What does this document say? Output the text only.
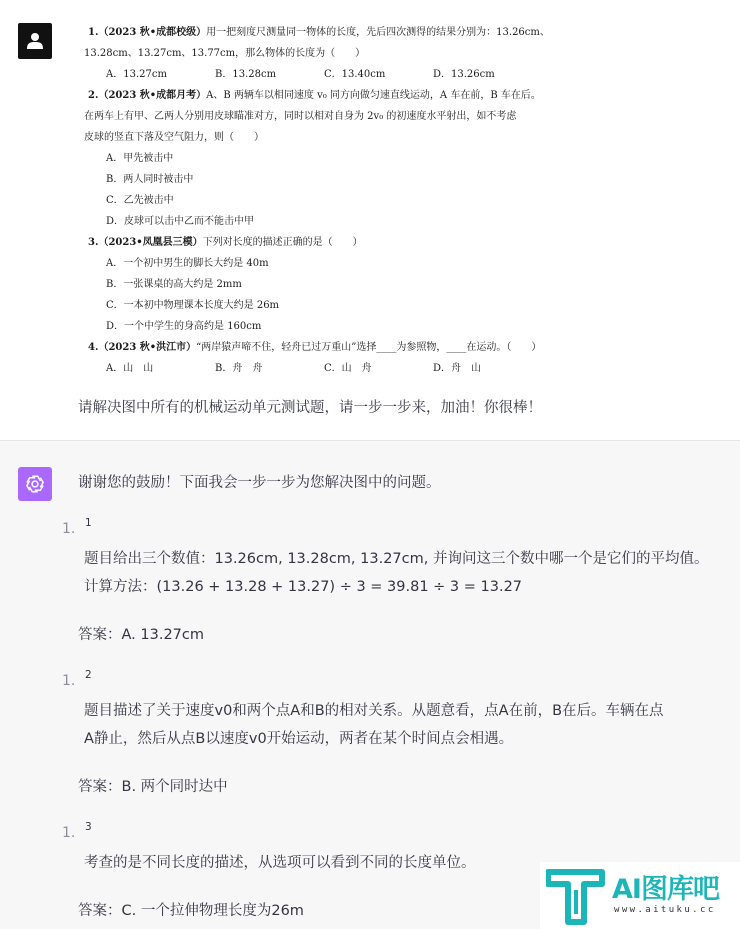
1.（2023 秋•成都校级）用一把刻度尺测量同一物体的长度，先后四次测得的结果分别为：13.26cm、
13.28cm、13.27cm、13.77cm，那么物体的长度为（　　）
A．13.27cm	B．13.28cm	C．13.40cm	D．13.26cm
2.（2023 秋•成都月考）A、B 两辆车以相同速度 v₀ 同方向做匀速直线运动，A 车在前，B 车在后。
在两车上有甲、乙两人分别用皮球瞄准对方，同时以相对自身为 2v₀ 的初速度水平射出，如不考虑
皮球的竖直下落及空气阻力，则（　　）
A．甲先被击中
B．两人同时被击中
C．乙先被击中
D．皮球可以击中乙而不能击中甲
3.（2023•凤凰县三模）下列对长度的描述正确的是（　　）
A．一个初中男生的脚长大约是 40m
B．一张课桌的高大约是 2mm
C．一本初中物理课本长度大约是 26m
D．一个中学生的身高约是 160cm
4.（2023 秋•洪江市）“两岸猿声啼不住，轻舟已过万重山”选择____为参照物，____在运动。（　　）
A．山　山	B．舟　舟	C．山　舟	D．舟　山
请解决图中所有的机械运动单元测试题，请一步一步来，加油！你很棒！
谢谢您的鼓励！下面我会一步一步为您解决图中的问题。
1. 1
题目给出三个数值：13.26cm, 13.28cm, 13.27cm, 并询问这三个数中哪一个是它们的平均值。
计算方法：(13.26 + 13.28 + 13.27) ÷ 3 = 39.81 ÷ 3 = 13.27
答案：A. 13.27cm
1. 2
题目描述了关于速度v0和两个点A和B的相对关系。从题意看，点A在前，B在后。车辆在点
A静止，然后从点B以速度v0开始运动，两者在某个时间点会相遇。
答案：B. 两个同时达中
1. 3
考查的是不同长度的描述，从选项可以看到不同的长度单位。
答案：C. 一个拉伸物理长度为26m
AI图库吧
www.aituku.cc
